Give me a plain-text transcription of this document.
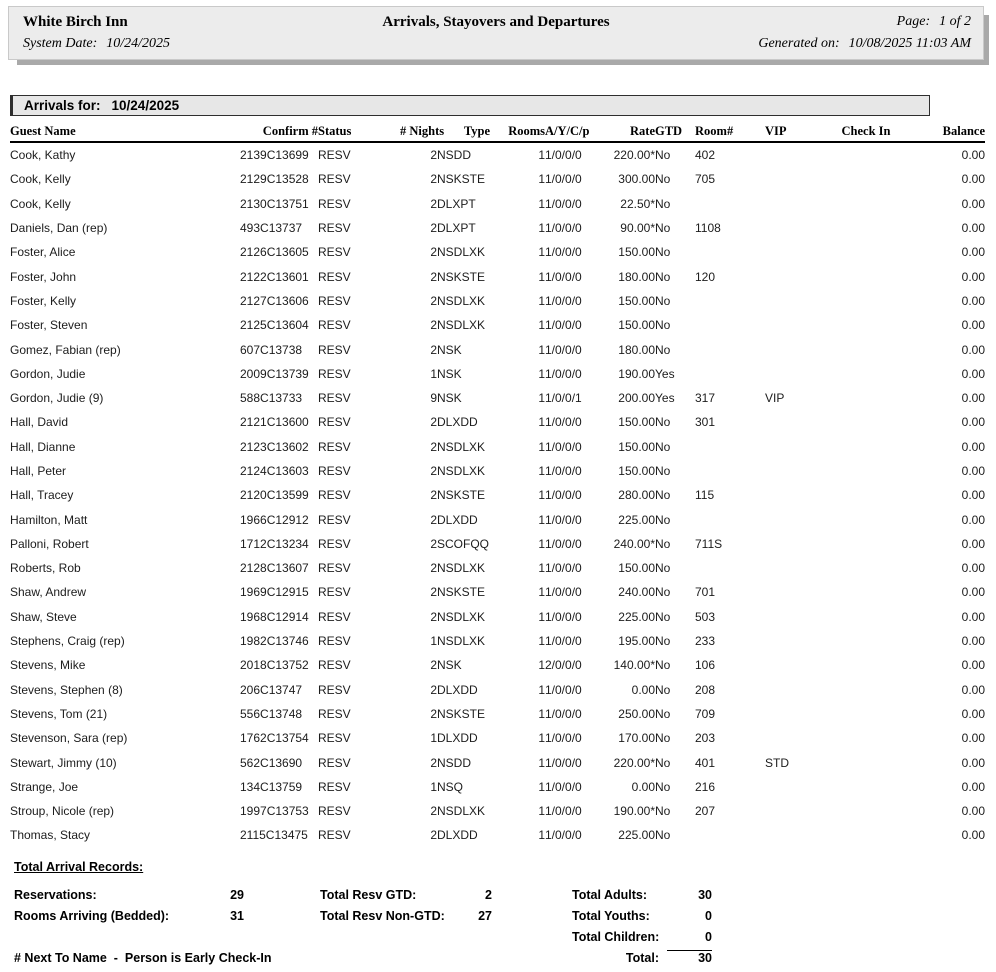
White Birch Inn	Arrivals, Stayovers and Departures	Page: 1 of 2
System Date: 10/24/2025	Generated on: 10/08/2025 11:03 AM
Arrivals for: 10/24/2025
Guest Name	Confirm #	Status	# Nights	Type	Rooms	A/Y/C/p	Rate	GTD	Room#	VIP	Check In	Balance
Cook, Kathy	2139C13699	RESV	2	NSDD	1	1/0/0/0	220.00*	No	402			0.00
Cook, Kelly	2129C13528	RESV	2	NSKSTE	1	1/0/0/0	300.00	No	705			0.00
Cook, Kelly	2130C13751	RESV	2	DLXPT	1	1/0/0/0	22.50*	No				0.00
Daniels, Dan (rep)	493C13737	RESV	2	DLXPT	1	1/0/0/0	90.00*	No	1108			0.00
Foster, Alice	2126C13605	RESV	2	NSDLXK	1	1/0/0/0	150.00	No				0.00
Foster, John	2122C13601	RESV	2	NSKSTE	1	1/0/0/0	180.00	No	120			0.00
Foster, Kelly	2127C13606	RESV	2	NSDLXK	1	1/0/0/0	150.00	No				0.00
Foster, Steven	2125C13604	RESV	2	NSDLXK	1	1/0/0/0	150.00	No				0.00
Gomez, Fabian (rep)	607C13738	RESV	2	NSK	1	1/0/0/0	180.00	No				0.00
Gordon, Judie	2009C13739	RESV	1	NSK	1	1/0/0/0	190.00	Yes				0.00
Gordon, Judie (9)	588C13733	RESV	9	NSK	1	1/0/0/1	200.00	Yes	317	VIP		0.00
Hall, David	2121C13600	RESV	2	DLXDD	1	1/0/0/0	150.00	No	301			0.00
Hall, Dianne	2123C13602	RESV	2	NSDLXK	1	1/0/0/0	150.00	No				0.00
Hall, Peter	2124C13603	RESV	2	NSDLXK	1	1/0/0/0	150.00	No				0.00
Hall, Tracey	2120C13599	RESV	2	NSKSTE	1	1/0/0/0	280.00	No	115			0.00
Hamilton, Matt	1966C12912	RESV	2	DLXDD	1	1/0/0/0	225.00	No				0.00
Palloni, Robert	1712C13234	RESV	2	SCOFQQ	1	1/0/0/0	240.00*	No	711S			0.00
Roberts, Rob	2128C13607	RESV	2	NSDLXK	1	1/0/0/0	150.00	No				0.00
Shaw, Andrew	1969C12915	RESV	2	NSKSTE	1	1/0/0/0	240.00	No	701			0.00
Shaw, Steve	1968C12914	RESV	2	NSDLXK	1	1/0/0/0	225.00	No	503			0.00
Stephens, Craig (rep)	1982C13746	RESV	1	NSDLXK	1	1/0/0/0	195.00	No	233			0.00
Stevens, Mike	2018C13752	RESV	2	NSK	1	2/0/0/0	140.00*	No	106			0.00
Stevens, Stephen (8)	206C13747	RESV	2	DLXDD	1	1/0/0/0	0.00	No	208			0.00
Stevens, Tom (21)	556C13748	RESV	2	NSKSTE	1	1/0/0/0	250.00	No	709			0.00
Stevenson, Sara (rep)	1762C13754	RESV	1	DLXDD	1	1/0/0/0	170.00	No	203			0.00
Stewart, Jimmy (10)	562C13690	RESV	2	NSDD	1	1/0/0/0	220.00*	No	401	STD		0.00
Strange, Joe	134C13759	RESV	1	NSQ	1	1/0/0/0	0.00	No	216			0.00
Stroup, Nicole (rep)	1997C13753	RESV	2	NSDLXK	1	1/0/0/0	190.00*	No	207			0.00
Thomas, Stacy	2115C13475	RESV	2	DLXDD	1	1/0/0/0	225.00	No				0.00
Total Arrival Records:
Reservations:	29
Rooms Arriving (Bedded):	31
Total Resv GTD:	2
Total Resv Non-GTD:	27
Total Adults:	30
Total Youths:	0
Total Children:	0
Total:	30
# Next To Name  -  Person is Early Check-In
